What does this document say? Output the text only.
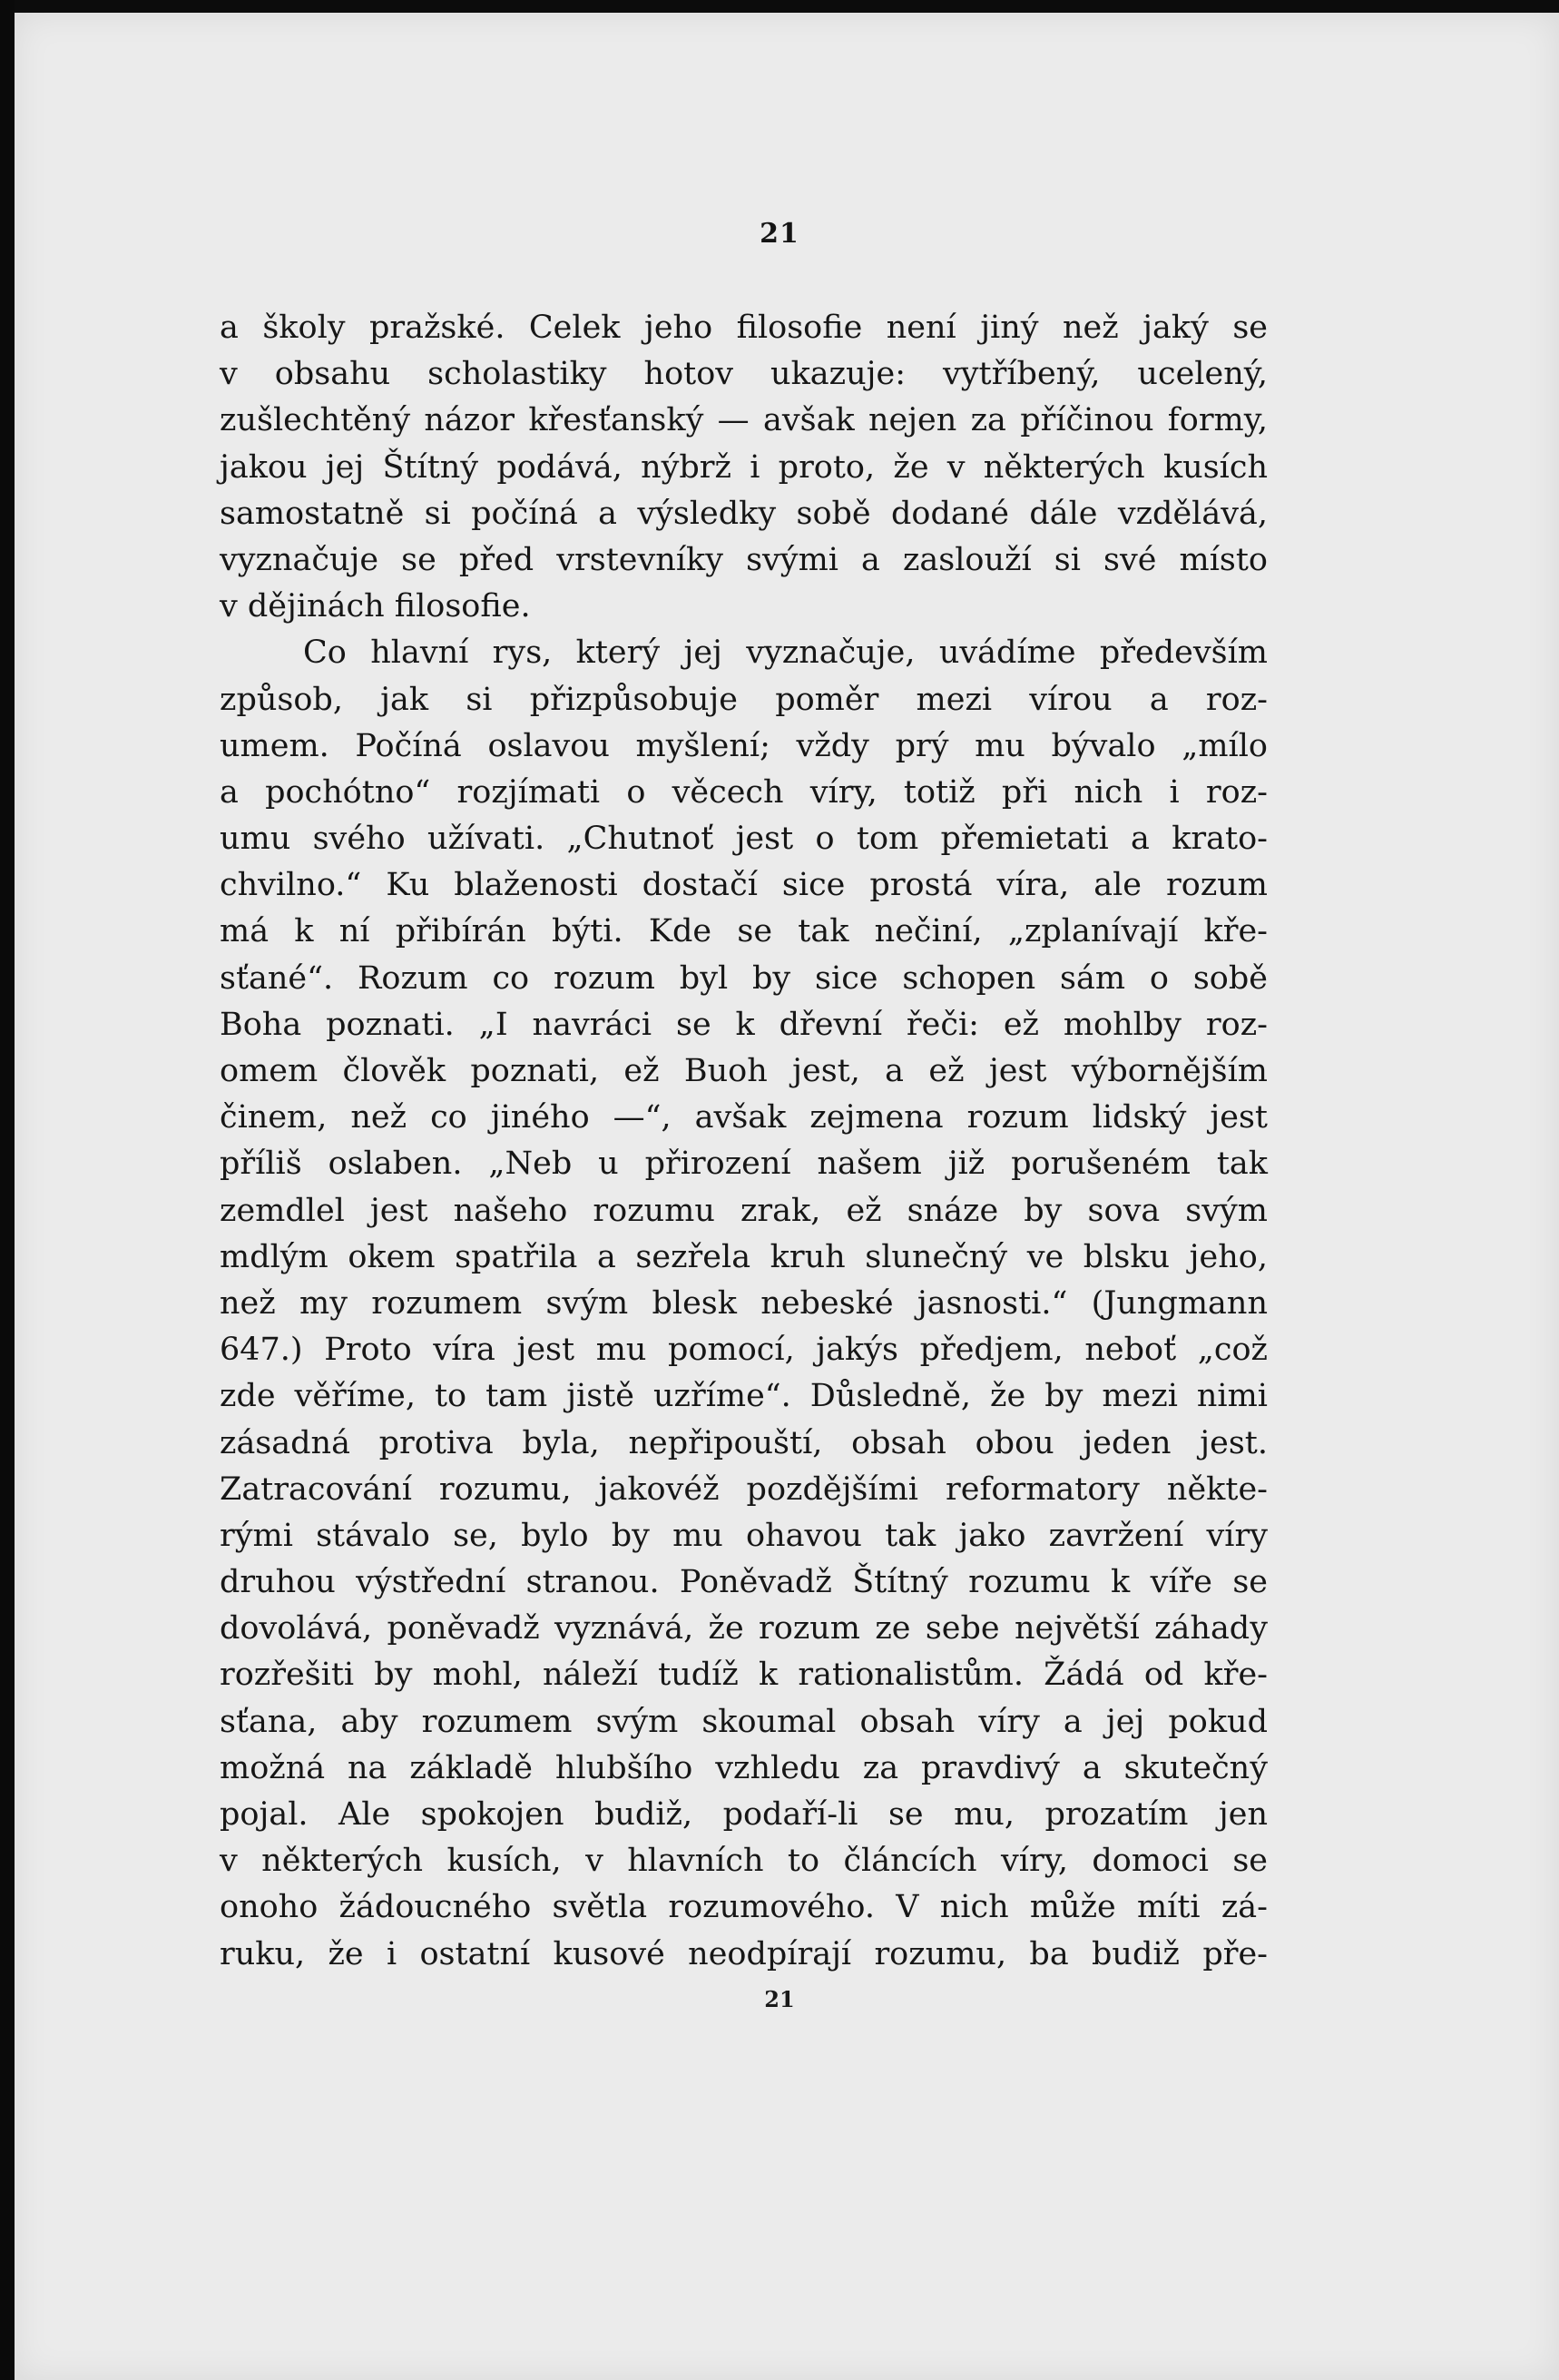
21
a školy pražské. Celek jeho filosofie není jiný než jaký se
v obsahu scholastiky hotov ukazuje: vytříbený, ucelený,
zušlechtěný názor křesťanský — avšak nejen za příčinou formy,
jakou jej Štítný podává, nýbrž i proto, že v některých kusích
samostatně si počíná a výsledky sobě dodané dále vzdělává,
vyznačuje se před vrstevníky svými a zaslouží si své místo
v dějinách filosofie.
Co hlavní rys, který jej vyznačuje, uvádíme především
způsob, jak si přizpůsobuje poměr mezi vírou a roz-
umem. Počíná oslavou myšlení; vždy prý mu bývalo „mílo
a pochótno“ rozjímati o věcech víry, totiž při nich i roz-
umu svého užívati. „Chutnoť jest o tom přemietati a krato-
chvilno.“ Ku blaženosti dostačí sice prostá víra, ale rozum
má k ní přibírán býti. Kde se tak nečiní, „zplanívají kře-
sťané“. Rozum co rozum byl by sice schopen sám o sobě
Boha poznati. „I navráci se k dřevní řeči: ež mohlby roz-
omem člověk poznati, ež Buoh jest, a ež jest výbornějším
činem, než co jiného —“, avšak zejmena rozum lidský jest
příliš oslaben. „Neb u přirození našem již porušeném tak
zemdlel jest našeho rozumu zrak, ež snáze by sova svým
mdlým okem spatřila a sezřela kruh slunečný ve blsku jeho,
než my rozumem svým blesk nebeské jasnosti.“ (Jungmann
647.) Proto víra jest mu pomocí, jakýs předjem, neboť „což
zde věříme, to tam jistě uzříme“. Důsledně, že by mezi nimi
zásadná protiva byla, nepřipouští, obsah obou jeden jest.
Zatracování rozumu, jakovéž pozdějšími reformatory někte-
rými stávalo se, bylo by mu ohavou tak jako zavržení víry
druhou výstřední stranou. Poněvadž Štítný rozumu k víře se
dovolává, poněvadž vyznává, že rozum ze sebe největší záhady
rozřešiti by mohl, náleží tudíž k rationalistům. Žádá od kře-
sťana, aby rozumem svým skoumal obsah víry a jej pokud
možná na základě hlubšího vzhledu za pravdivý a skutečný
pojal. Ale spokojen budiž, podaří-li se mu, prozatím jen
v některých kusích, v hlavních to článcích víry, domoci se
onoho žádoucného světla rozumového. V nich může míti zá-
ruku, že i ostatní kusové neodpírají rozumu, ba budiž pře-
21
